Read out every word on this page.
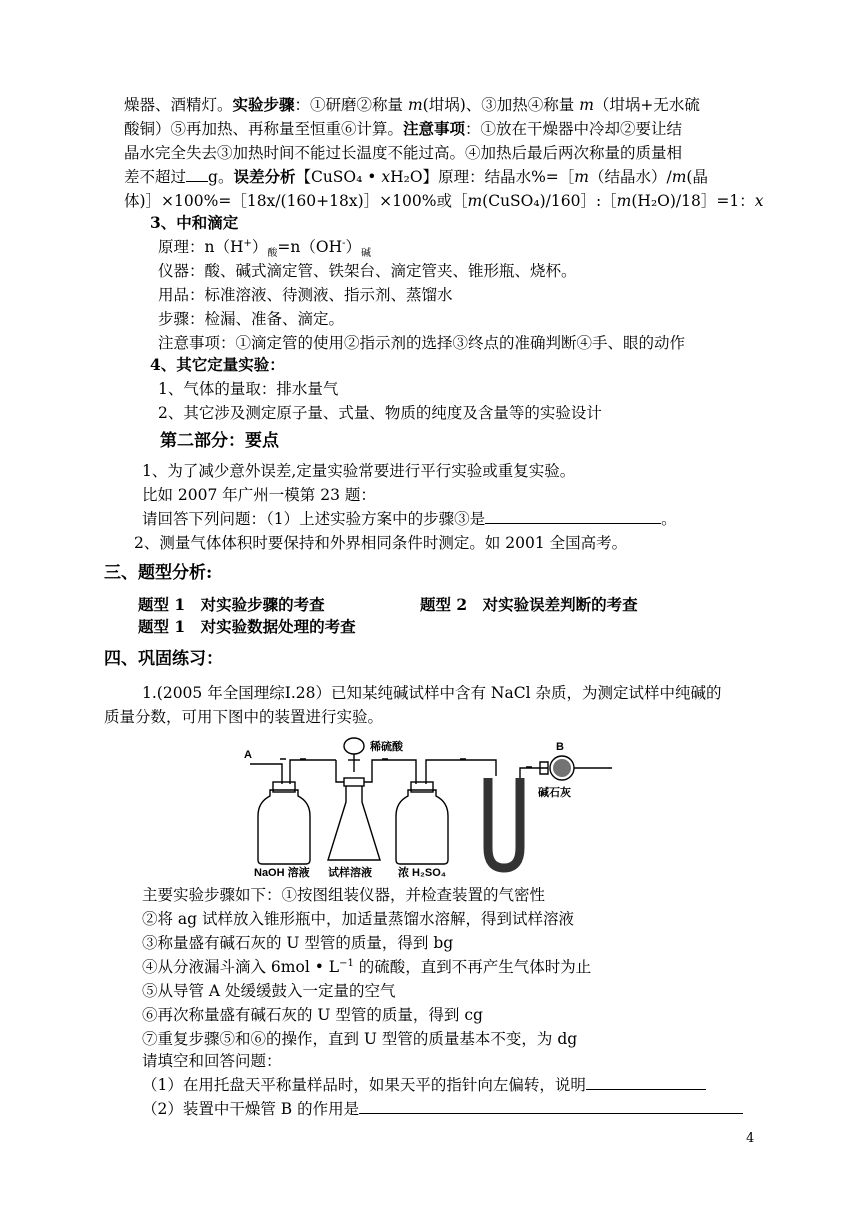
燥器、酒精灯。实验步骤：①研磨②称量 m(坩埚)、③加热④称量 m（坩埚+无水硫
酸铜）⑤再加热、再称量至恒重⑥计算。注意事项：①放在干燥器中冷却②要让结
晶水完全失去③加热时间不能过长温度不能过高。④加热后最后两次称量的质量相
差不超过 g。误差分析【CuSO₄ • xH₂O】原理：结晶水%=［m（结晶水）/m(晶
体)］×100%=［18x/(160+18x)］×100%或［m(CuSO₄)/160］:［m(H₂O)/18］=1：x
3、中和滴定
原理：$n(H^+)_酸=n(OH^-)_碱$
仪器：酸、碱式滴定管、铁架台、滴定管夹、锥形瓶、烧杯。
用品：标准溶液、待测液、指示剂、蒸馏水
步骤：检漏、准备、滴定。
注意事项：①滴定管的使用②指示剂的选择③终点的准确判断④手、眼的动作
4、其它定量实验：
1、气体的量取：排水量气
2、其它涉及测定原子量、式量、物质的纯度及含量等的实验设计
第二部分：要点
1、为了减少意外误差,定量实验常要进行平行实验或重复实验。
比如 2007 年广州一模第 23 题：
请回答下列问题：（1）上述实验方案中的步骤③是	。
2、测量气体体积时要保持和外界相同条件时测定。如 2001 全国高考。
三、题型分析:
题型 1　对实验步骤的考查	题型 2　对实验误差判断的考查
题型 1　对实验数据处理的考查
四、巩固练习：
1.(2005 年全国理综Ⅰ.28）已知某纯碱试样中含有 NaCl 杂质，为测定试样中纯碱的
质量分数，可用下图中的装置进行实验。
A
B
稀硫酸
碱石灰
NaOH 溶液 试样溶液 浓 H₂SO₄
主要实验步骤如下：①按图组装仪器，并检查装置的气密性
②将 ag 试样放入锥形瓶中，加适量蒸馏水溶解，得到试样溶液
③称量盛有碱石灰的 U 型管的质量，得到 bg
④从分液漏斗滴入 6mol • $L^{-1}$ 的硫酸，直到不再产生气体时为止
⑤从导管 A 处缓缓鼓入一定量的空气
⑥再次称量盛有碱石灰的 U 型管的质量，得到 cg
⑦重复步骤⑤和⑥的操作，直到 U 型管的质量基本不变，为 dg
请填空和回答问题：
（1）在用托盘天平称量样品时，如果天平的指针向左偏转，说明
（2）装置中干燥管 B 的作用是
4
